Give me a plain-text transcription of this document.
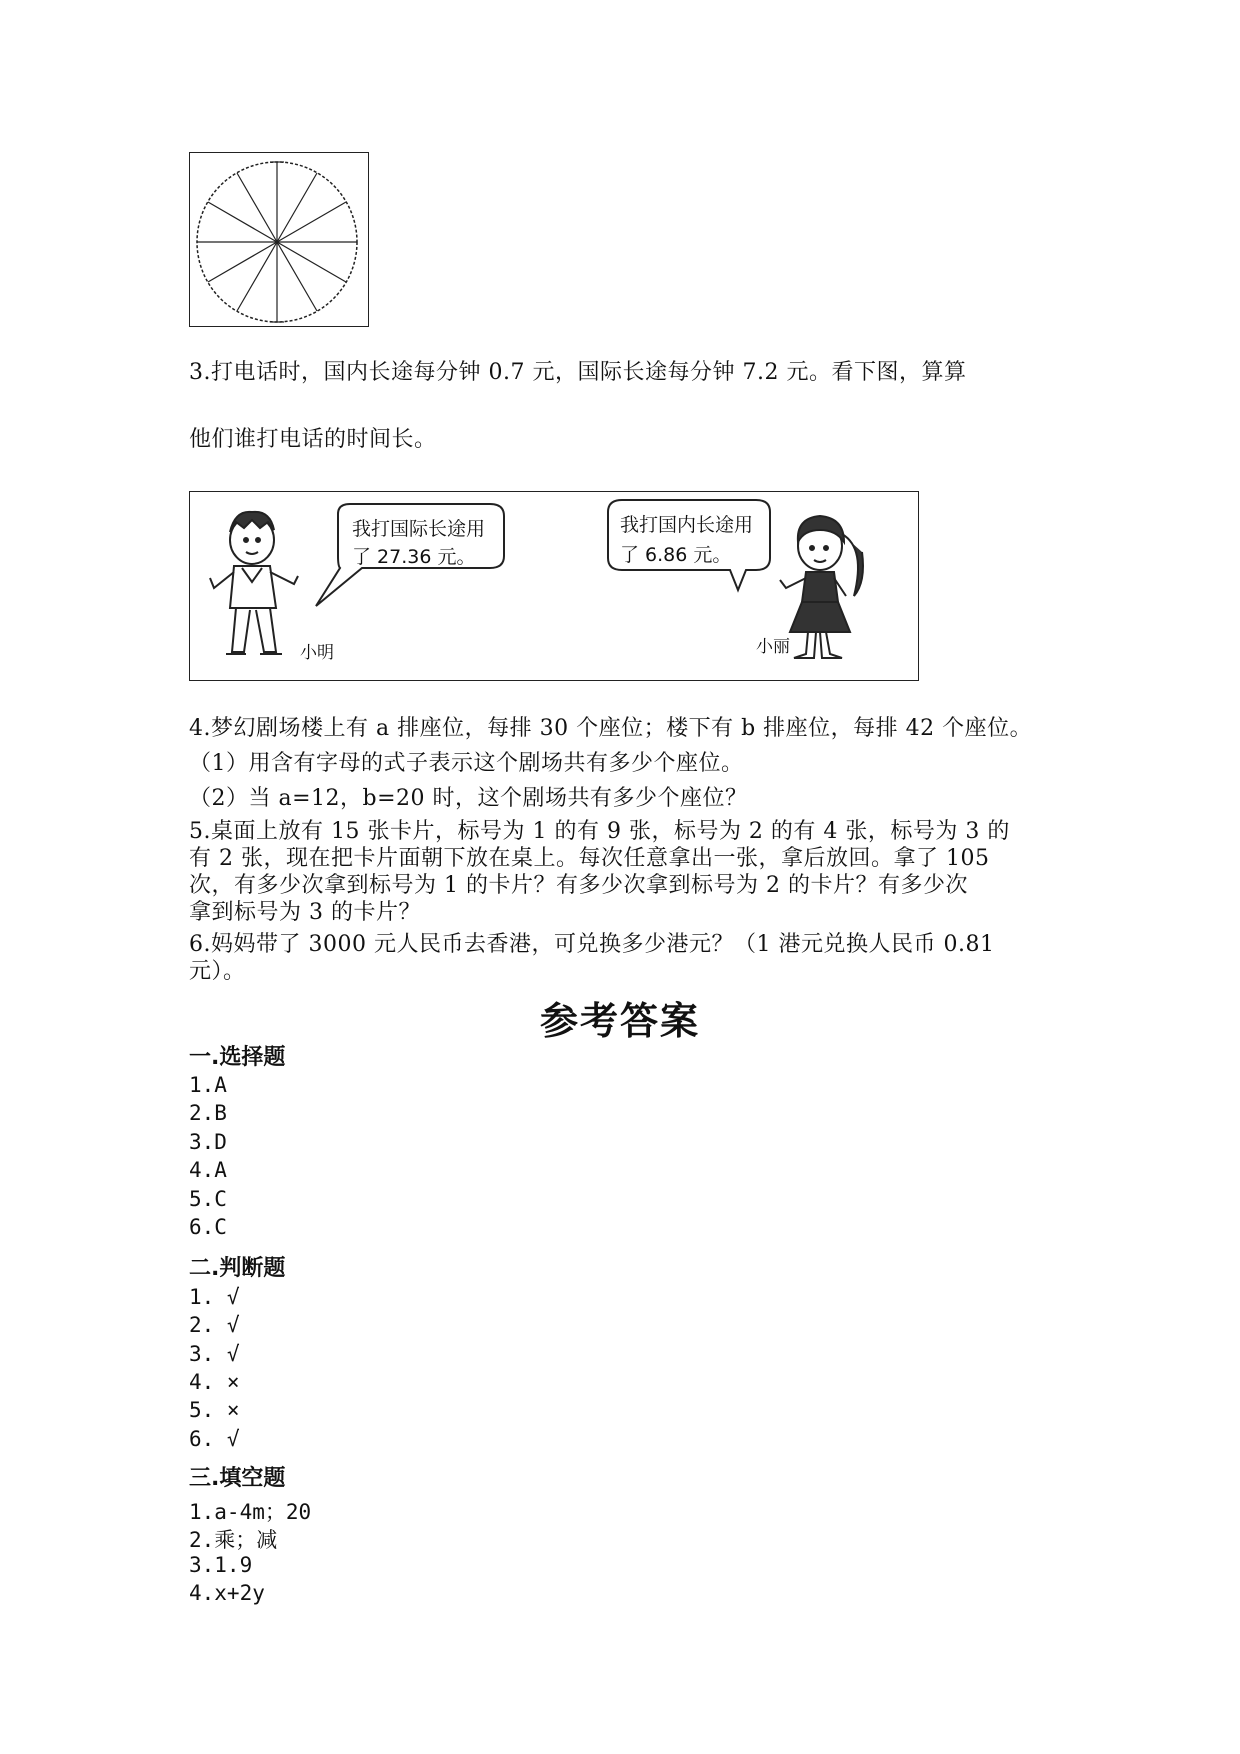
3.打电话时，国内长途每分钟 0.7 元，国际长途每分钟 7.2 元。看下图，算算
他们谁打电话的时间长。
我打国际长途用
了 27.36 元。
我打国内长途用
了 6.86 元。
小明	小丽
4.梦幻剧场楼上有 a 排座位，每排 30 个座位；楼下有 b 排座位，每排 42 个座位。
（1）用含有字母的式子表示这个剧场共有多少个座位。
（2）当 a=12，b=20 时，这个剧场共有多少个座位？
5.桌面上放有 15 张卡片，标号为 1 的有 9 张，标号为 2 的有 4 张，标号为 3 的
有 2 张，现在把卡片面朝下放在桌上。每次任意拿出一张，拿后放回。拿了 105
次，有多少次拿到标号为 1 的卡片？有多少次拿到标号为 2 的卡片？有多少次
拿到标号为 3 的卡片？
6.妈妈带了 3000 元人民币去香港，可兑换多少港元？（1 港元兑换人民币 0.81
元）。
参考答案
一.选择题
1.A
2.B
3.D
4.A
5.C
6.C
二.判断题
1. √
2. √
3. √
4. ×
5. ×
6. √
三.填空题
1.a-4m；20
2.乘；减
3.1.9
4.x+2y
